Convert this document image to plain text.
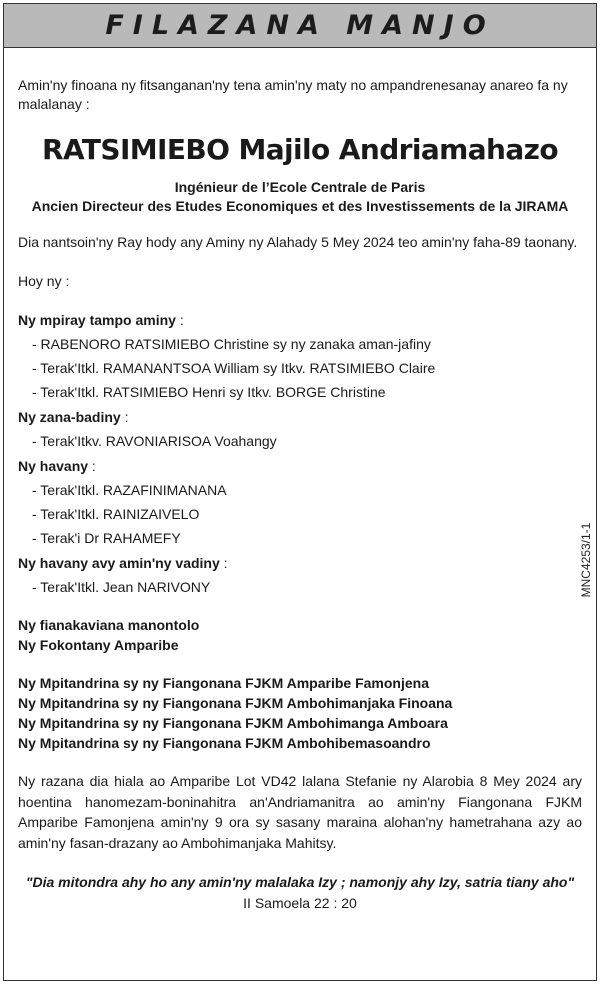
FILAZANA MANJO

Amin'ny finoana ny fitsanganan'ny tena amin'ny maty no ampandrenesanay anareo fa ny malalanay :

RATSIMIEBO Majilo Andriamahazo
Ingénieur de l’Ecole Centrale de Paris
Ancien Directeur des Etudes Economiques et des Investissements de la JIRAMA

Dia nantsoin'ny Ray hody any Aminy ny Alahady 5 Mey 2024 teo amin'ny faha-89 taonany.

Hoy ny :

Ny mpiray tampo aminy :
- RABENORO RATSIMIEBO Christine sy ny zanaka aman-jafiny
- Terak'Itkl. RAMANANTSOA William sy Itkv. RATSIMIEBO Claire
- Terak'Itkl. RATSIMIEBO Henri sy Itkv. BORGE Christine
Ny zana-badiny :
- Terak'Itkv. RAVONIARISOA Voahangy
Ny havany :
- Terak'Itkl. RAZAFINIMANANA
- Terak'Itkl. RAINIZAIVELO
- Terak'i Dr RAHAMEFY
Ny havany avy amin'ny vadiny :
- Terak'Itkl. Jean NARIVONY
Ny fianakaviana manontolo
Ny Fokontany Amparibe
Ny Mpitandrina sy ny Fiangonana FJKM Amparibe Famonjena
Ny Mpitandrina sy ny Fiangonana FJKM Ambohimanjaka Finoana
Ny Mpitandrina sy ny Fiangonana FJKM Ambohimanga Amboara
Ny Mpitandrina sy ny Fiangonana FJKM Ambohibemasoandro

Ny razana dia hiala ao Amparibe Lot VD42 lalana Stefanie ny Alarobia 8 Mey 2024 ary hoentina hanomezam-boninahitra an'Andriamanitra ao amin'ny Fiangonana FJKM Amparibe Famonjena amin'ny 9 ora sy sasany maraina alohan'ny hametrahana azy ao amin'ny fasan-drazany ao Ambohimanjaka Mahitsy.

"Dia mitondra ahy ho any amin'ny malalaka Izy ; namonjy ahy Izy, satria tiany aho"

II Samoela 22 : 20

MNC4253/1-1
